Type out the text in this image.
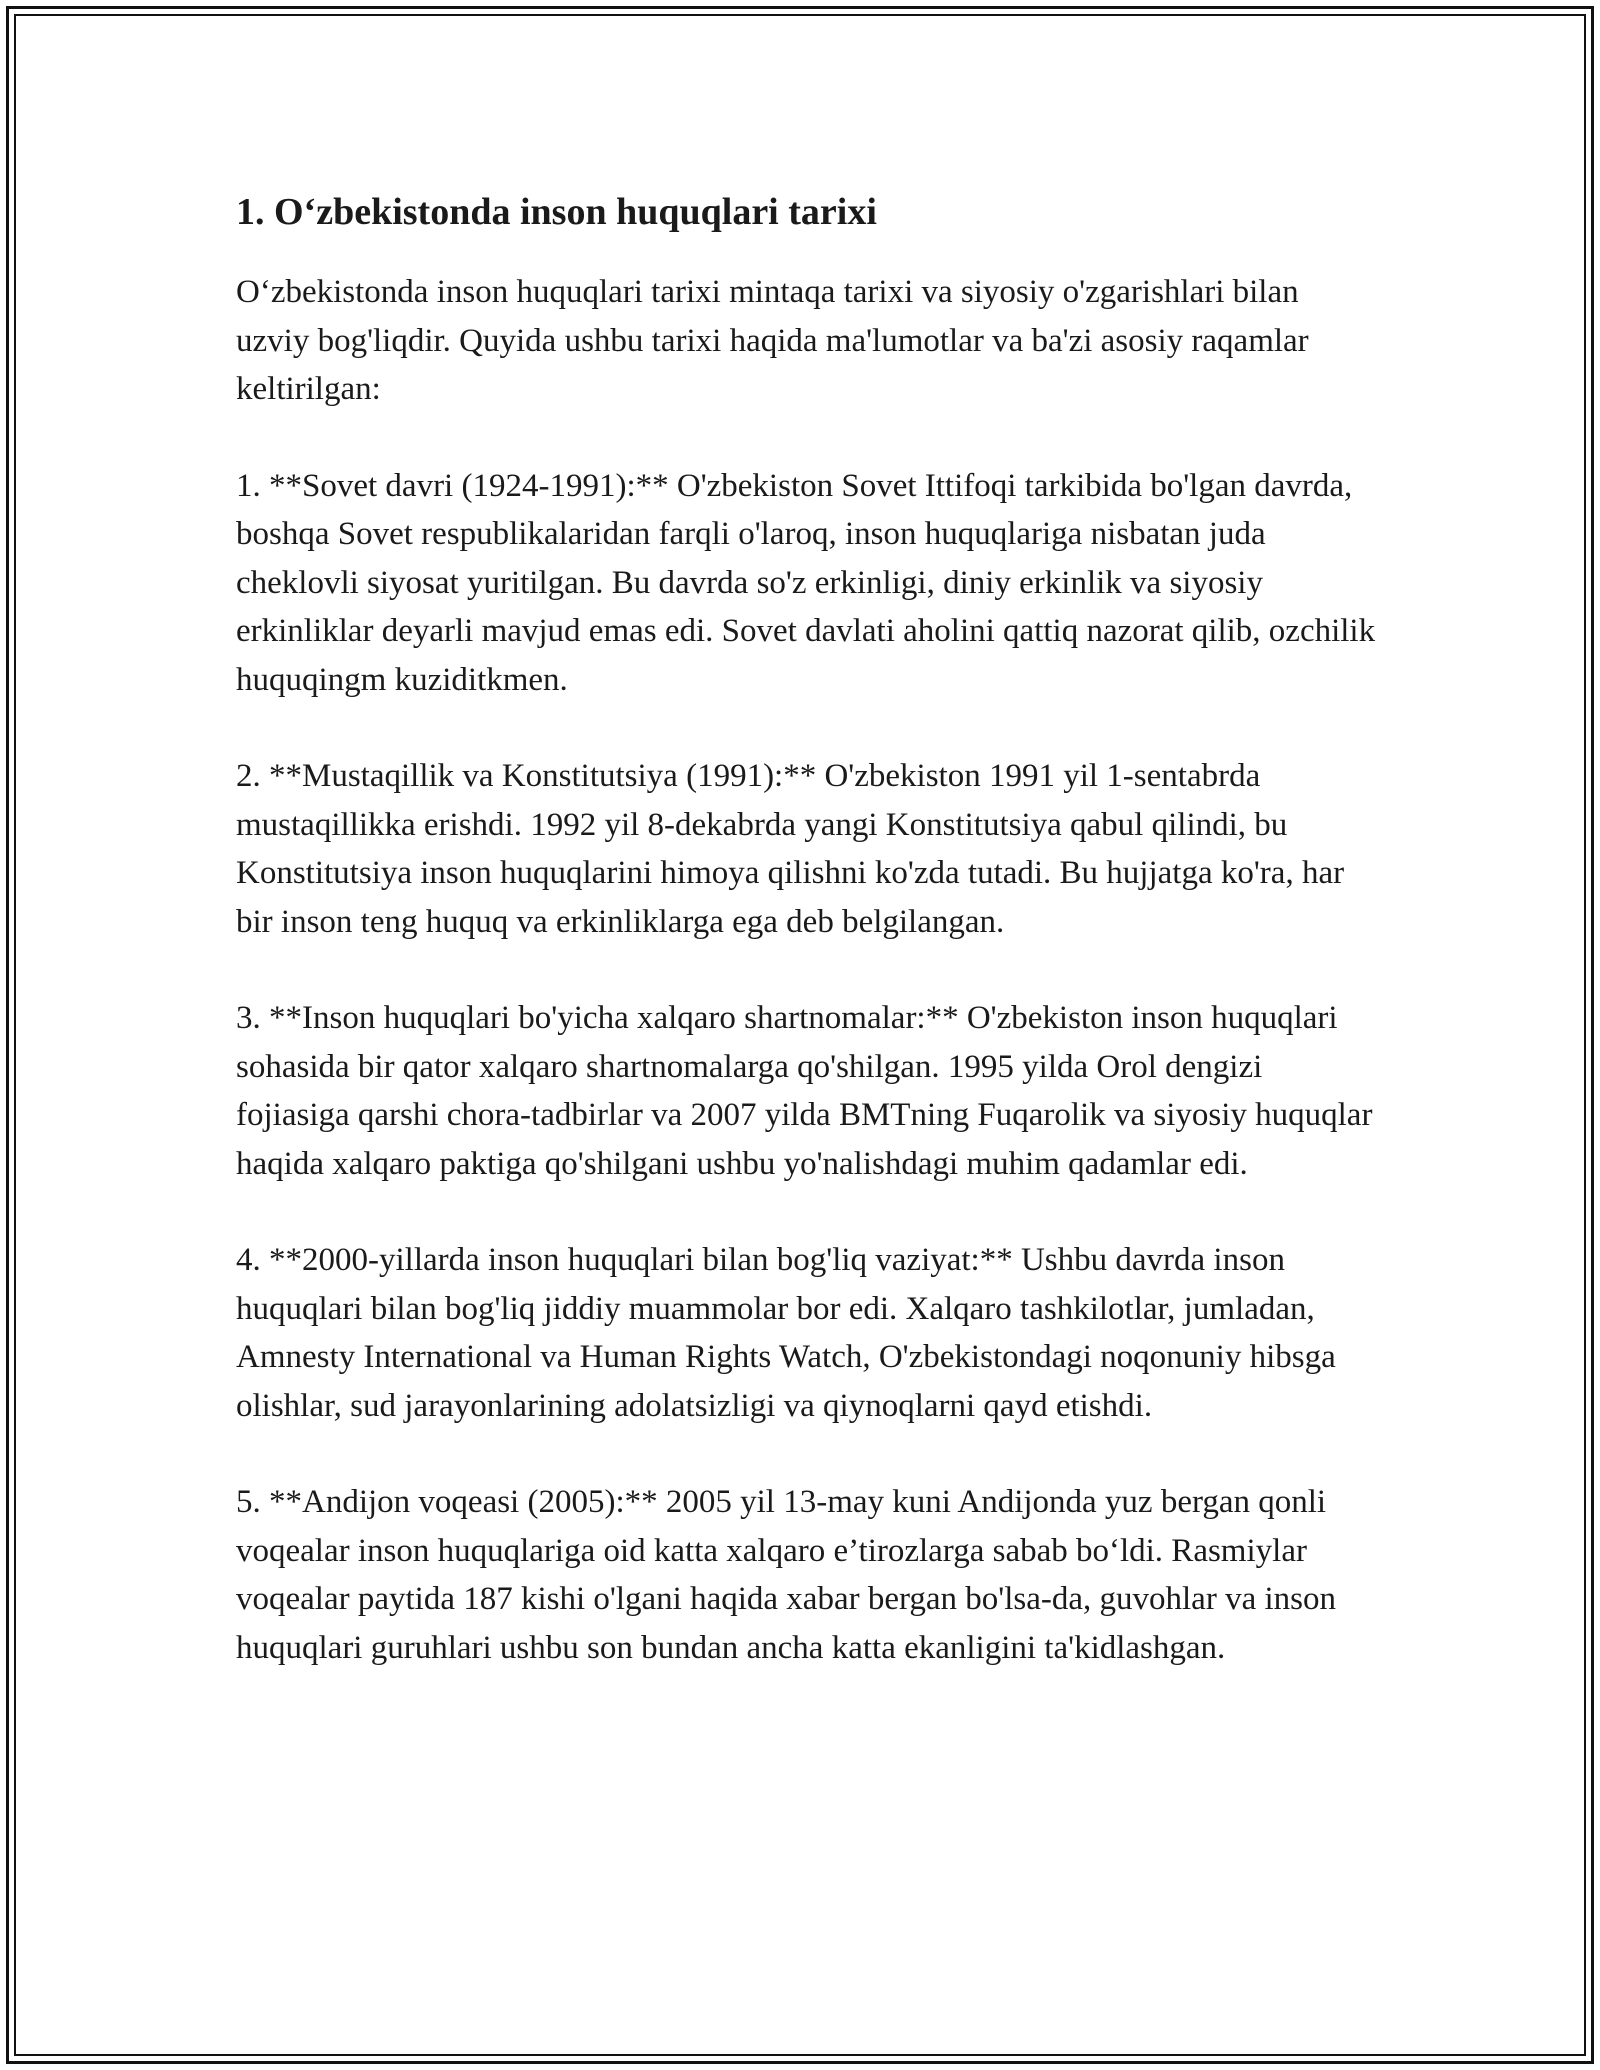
1. O‘zbekistonda inson huquqlari tarixi

O‘zbekistonda inson huquqlari tarixi mintaqa tarixi va siyosiy o'zgarishlari bilan uzviy bog'liqdir. Quyida ushbu tarixi haqida ma'lumotlar va ba'zi asosiy raqamlar keltirilgan:

1. **Sovet davri (1924-1991):** O'zbekiston Sovet Ittifoqi tarkibida bo'lgan davrda, boshqa Sovet respublikalaridan farqli o'laroq, inson huquqlariga nisbatan juda cheklovli siyosat yuritilgan. Bu davrda so'z erkinligi, diniy erkinlik va siyosiy erkinliklar deyarli mavjud emas edi. Sovet davlati aholini qattiq nazorat qilib, ozchilik huquqingm kuziditkmen.

2. **Mustaqillik va Konstitutsiya (1991):** O'zbekiston 1991 yil 1-sentabrda mustaqillikka erishdi. 1992 yil 8-dekabrda yangi Konstitutsiya qabul qilindi, bu Konstitutsiya inson huquqlarini himoya qilishni ko'zda tutadi. Bu hujjatga ko'ra, har bir inson teng huquq va erkinliklarga ega deb belgilangan.

3. **Inson huquqlari bo'yicha xalqaro shartnomalar:** O'zbekiston inson huquqlari sohasida bir qator xalqaro shartnomalarga qo'shilgan. 1995 yilda Orol dengizi fojiasiga qarshi chora-tadbirlar va 2007 yilda BMTning Fuqarolik va siyosiy huquqlar haqida xalqaro paktiga qo'shilgani ushbu yo'nalishdagi muhim qadamlar edi.

4. **2000-yillarda inson huquqlari bilan bog'liq vaziyat:** Ushbu davrda inson huquqlari bilan bog'liq jiddiy muammolar bor edi. Xalqaro tashkilotlar, jumladan, Amnesty International va Human Rights Watch, O'zbekistondagi noqonuniy hibsga olishlar, sud jarayonlarining adolatsizligi va qiynoqlarni qayd etishdi.

5. **Andijon voqeasi (2005):** 2005 yil 13-may kuni Andijonda yuz bergan qonli voqealar inson huquqlariga oid katta xalqaro e’tirozlarga sabab bo‘ldi. Rasmiylar voqealar paytida 187 kishi o'lgani haqida xabar bergan bo'lsa-da, guvohlar va inson huquqlari guruhlari ushbu son bundan ancha katta ekanligini ta'kidlashgan.
